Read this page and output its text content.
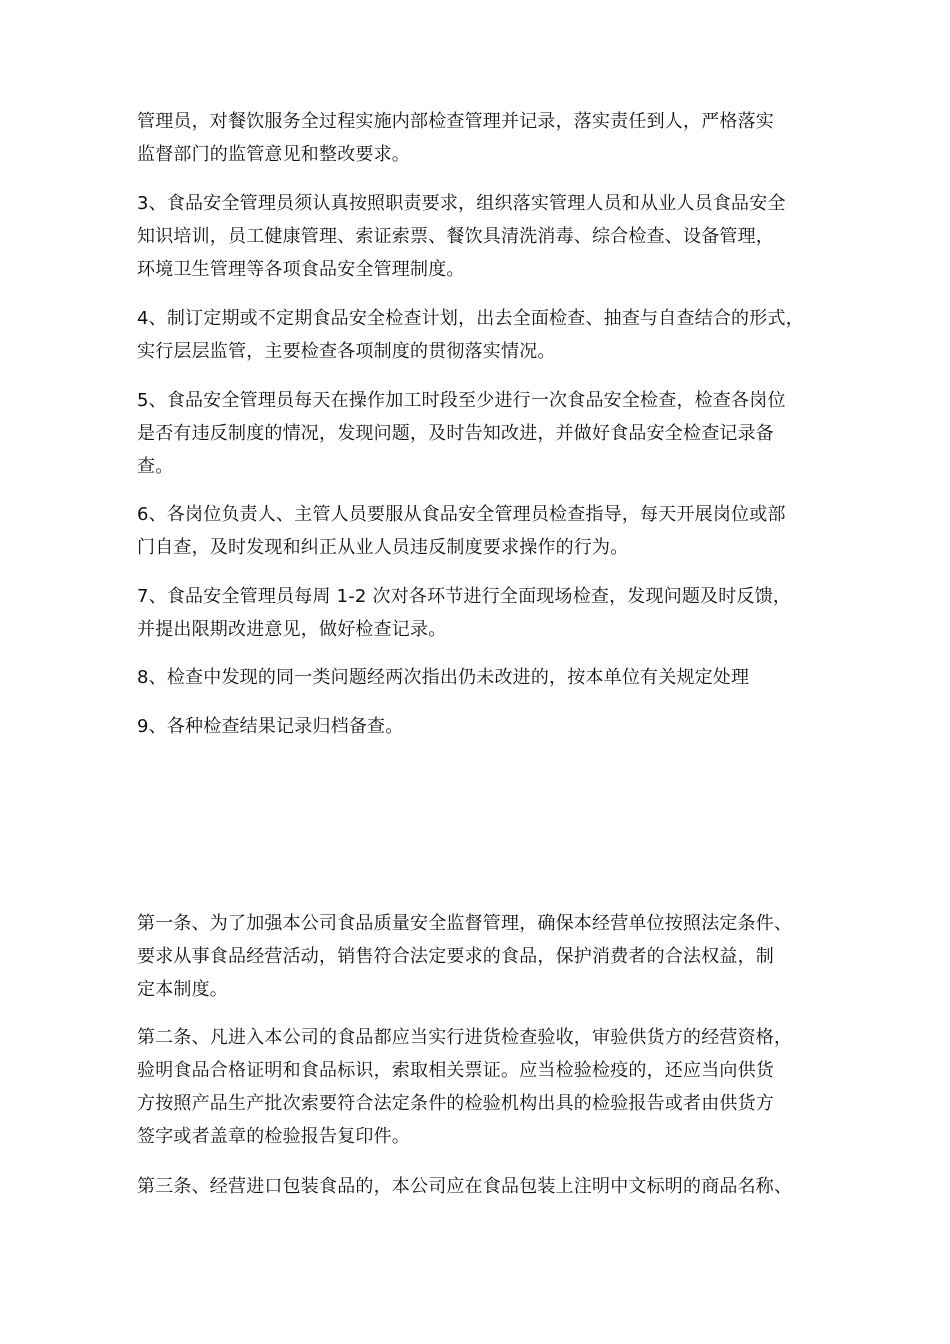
管理员，对餐饮服务全过程实施内部检查管理并记录，落实责任到人，严格落实
监督部门的监管意见和整改要求。

3、食品安全管理员须认真按照职责要求，组织落实管理人员和从业人员食品安全
知识培训，员工健康管理、索证索票、餐饮具清洗消毒、综合检查、设备管理，
环境卫生管理等各项食品安全管理制度。

4、制订定期或不定期食品安全检查计划，出去全面检查、抽查与自查结合的形式，
实行层层监管，主要检查各项制度的贯彻落实情况。

5、食品安全管理员每天在操作加工时段至少进行一次食品安全检查，检查各岗位
是否有违反制度的情况，发现问题，及时告知改进，并做好食品安全检查记录备
查。

6、各岗位负责人、主管人员要服从食品安全管理员检查指导，每天开展岗位或部
门自查，及时发现和纠正从业人员违反制度要求操作的行为。

7、食品安全管理员每周 1-2 次对各环节进行全面现场检查，发现问题及时反馈，
并提出限期改进意见，做好检查记录。

8、检查中发现的同一类问题经两次指出仍未改进的，按本单位有关规定处理

9、各种检查结果记录归档备查。

第一条、为了加强本公司食品质量安全监督管理，确保本经营单位按照法定条件、
要求从事食品经营活动，销售符合法定要求的食品，保护消费者的合法权益，制
定本制度。

第二条、凡进入本公司的食品都应当实行进货检查验收，审验供货方的经营资格，
验明食品合格证明和食品标识，索取相关票证。应当检验检疫的，还应当向供货
方按照产品生产批次索要符合法定条件的检验机构出具的检验报告或者由供货方
签字或者盖章的检验报告复印件。

第三条、经营进口包装食品的，本公司应在食品包装上注明中文标明的商品名称、
